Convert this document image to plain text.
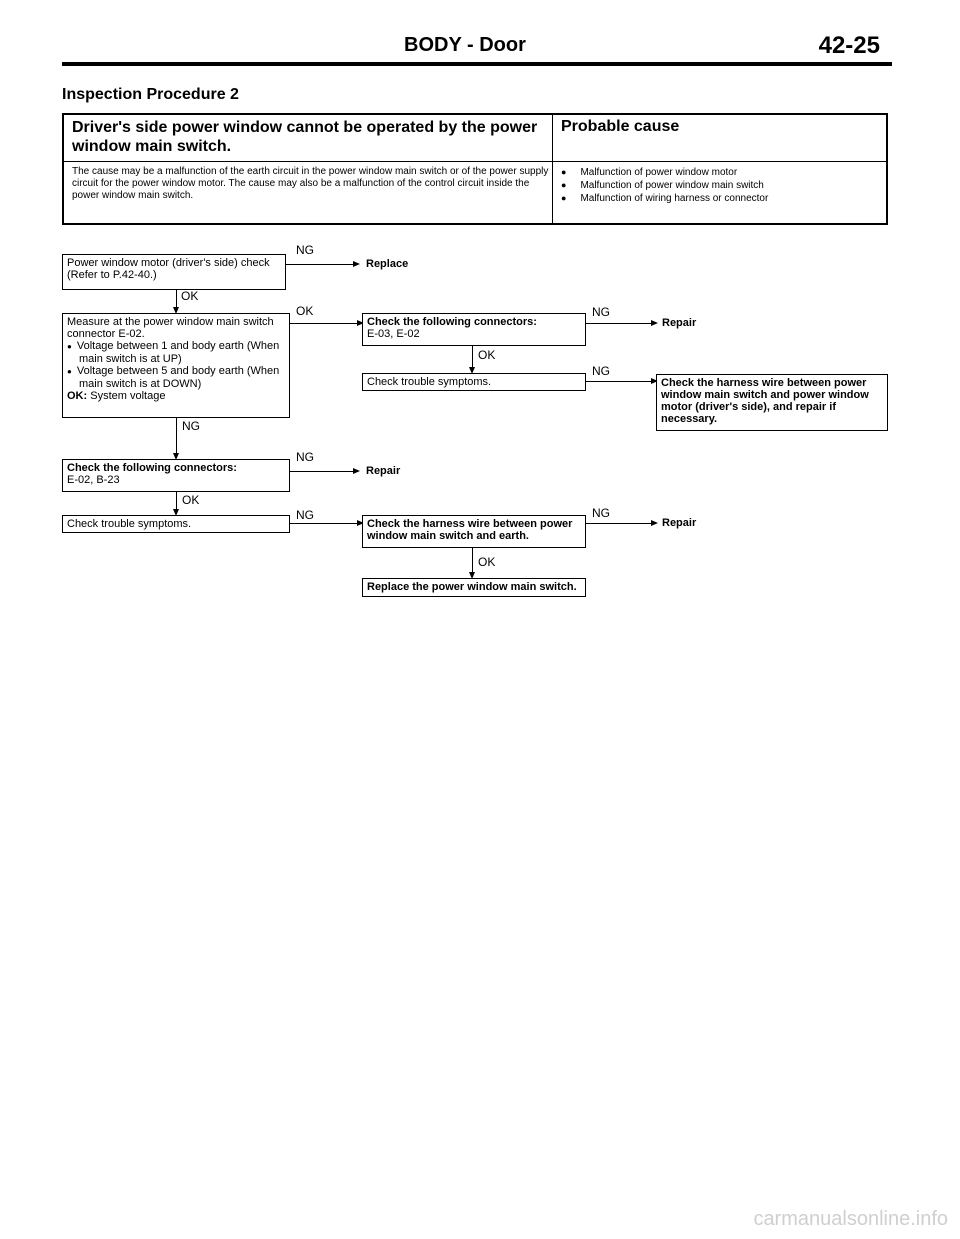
BODY - Door	42-25
Inspection Procedure 2
Driver's side power window cannot be operated by the power window main switch.
Probable cause
The cause may be a malfunction of the earth circuit in the power window main switch or of the power supply circuit for the power window motor. The cause may also be a malfunction of the control circuit inside the power window main switch.
● Malfunction of power window motor
● Malfunction of power window main switch
● Malfunction of wiring harness or connector
Power window motor (driver's side) check (Refer to P.42-40.)
NG
Replace
OK
Measure at the power window main switch connector E-02.
● Voltage between 1 and body earth (When main switch is at UP)
● Voltage between 5 and body earth (When main switch is at DOWN)
OK: System voltage
OK
NG
Check the following connectors:
E-03, E-02
NG
Repair
OK
Check trouble symptoms.
NG
Check the harness wire between power window main switch and power window motor (driver's side), and repair if necessary.
Check the following connectors:
E-02, B-23
NG
Repair
OK
Check trouble symptoms.
NG
Check the harness wire between power window main switch and earth.
NG
Repair
OK
Replace the power window main switch.
carmanualsonline.info
